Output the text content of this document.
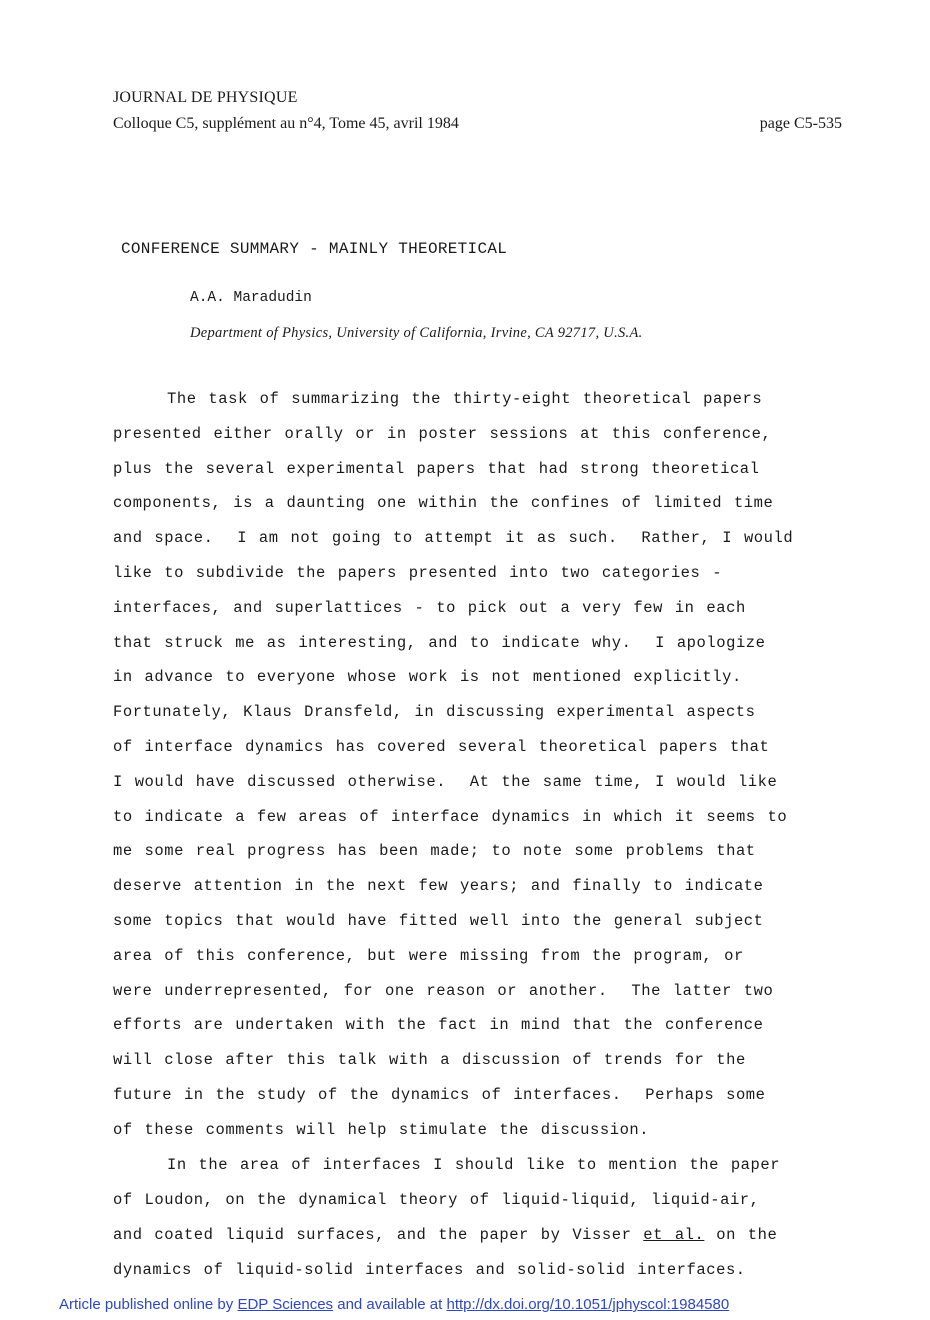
JOURNAL DE PHYSIQUE
Colloque C5, supplément au n°4, Tome 45, avril 1984	page C5-535
CONFERENCE SUMMARY - MAINLY THEORETICAL
A.A. Maradudin
Department of Physics, University of California, Irvine, CA 92717, U.S.A.
The task of summarizing the thirty-eight theoretical papers
presented either orally or in poster sessions at this conference,
plus the several experimental papers that had strong theoretical
components, is a daunting one within the confines of limited time
and space.  I am not going to attempt it as such.  Rather, I would
like to subdivide the papers presented into two categories -
interfaces, and superlattices - to pick out a very few in each
that struck me as interesting, and to indicate why.  I apologize
in advance to everyone whose work is not mentioned explicitly.
Fortunately, Klaus Dransfeld, in discussing experimental aspects
of interface dynamics has covered several theoretical papers that
I would have discussed otherwise.  At the same time, I would like
to indicate a few areas of interface dynamics in which it seems to
me some real progress has been made; to note some problems that
deserve attention in the next few years; and finally to indicate
some topics that would have fitted well into the general subject
area of this conference, but were missing from the program, or
were underrepresented, for one reason or another.  The latter two
efforts are undertaken with the fact in mind that the conference
will close after this talk with a discussion of trends for the
future in the study of the dynamics of interfaces.  Perhaps some
of these comments will help stimulate the discussion.
In the area of interfaces I should like to mention the paper
of Loudon, on the dynamical theory of liquid-liquid, liquid-air,
and coated liquid surfaces, and the paper by Visser et al. on the
dynamics of liquid-solid interfaces and solid-solid interfaces.
Article published online by EDP Sciences and available at http://dx.doi.org/10.1051/jphyscol:1984580
